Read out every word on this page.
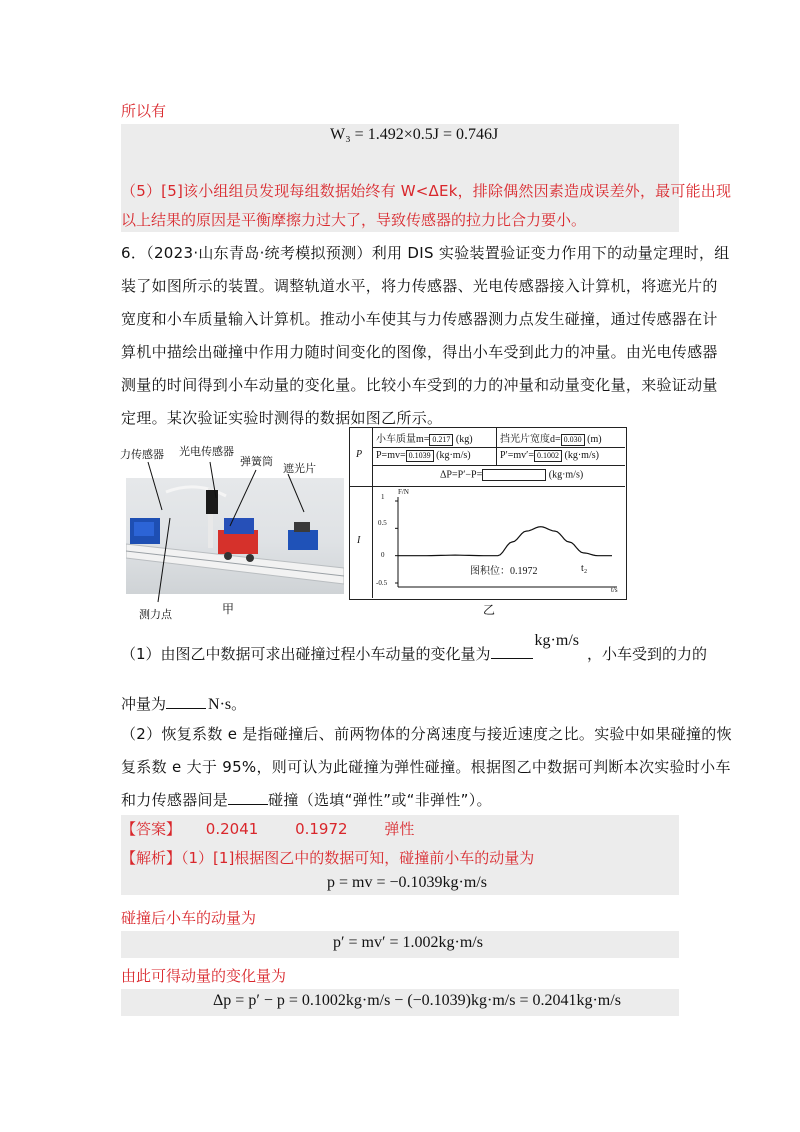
所以有
W₃ = 1.492×0.5J = 0.746J
（5）[5]该小组组员发现每组数据始终有 W<ΔEk，排除偶然因素造成误差外，最可能出现
以上结果的原因是平衡摩擦力过大了，导致传感器的拉力比合力要小。
6．（2023·山东青岛·统考模拟预测）利用 DIS 实验装置验证变力作用下的动量定理时，组
装了如图所示的装置。调整轨道水平，将力传感器、光电传感器接入计算机，将遮光片的
宽度和小车质量输入计算机。推动小车使其与力传感器测力点发生碰撞，通过传感器在计
算机中描绘出碰撞中作用力随时间变化的图像，得出小车受到此力的冲量。由光电传感器
测量的时间得到小车动量的变化量。比较小车受到的力的冲量和动量变化量，来验证动量
定理。某次验证实验时测得的数据如图乙所示。
力传感器 光电传感器
弹簧筒
遮光片
测力点	甲
P
I
小车质量m= 0.217 (kg)	挡光片宽度d= 0.030 (m)
P=mv= 0.1039 (kg·m/s)	P′=mv′= 0.1002 (kg·m/s)
ΔP=P′−P=	(kg·m/s)
F/N
1
0.5
0
-0.5
图积位：0.1972	t₂
t/s
乙
（1）由图乙中数据可求出碰撞过程小车动量的变化量为kg·m/s，小车受到的力的
冲量为	N·s。
（2）恢复系数 e 是指碰撞后、前两物体的分离速度与接近速度之比。实验中如果碰撞的恢
复系数 e 大于 95%，则可认为此碰撞为弹性碰撞。根据图乙中数据可判断本次实验时小车
和力传感器间是	碰撞（选填“弹性”或“非弹性”）。
【答案】 0.2041 0.1972 弹性
【解析】（1）[1]根据图乙中的数据可知，碰撞前小车的动量为
p = mv = −0.1039kg·m/s
碰撞后小车的动量为
p′ = mv′ = 1.002kg·m/s
由此可得动量的变化量为
Δp = p′ − p = 0.1002kg·m/s − (−0.1039)kg·m/s = 0.2041kg·m/s
